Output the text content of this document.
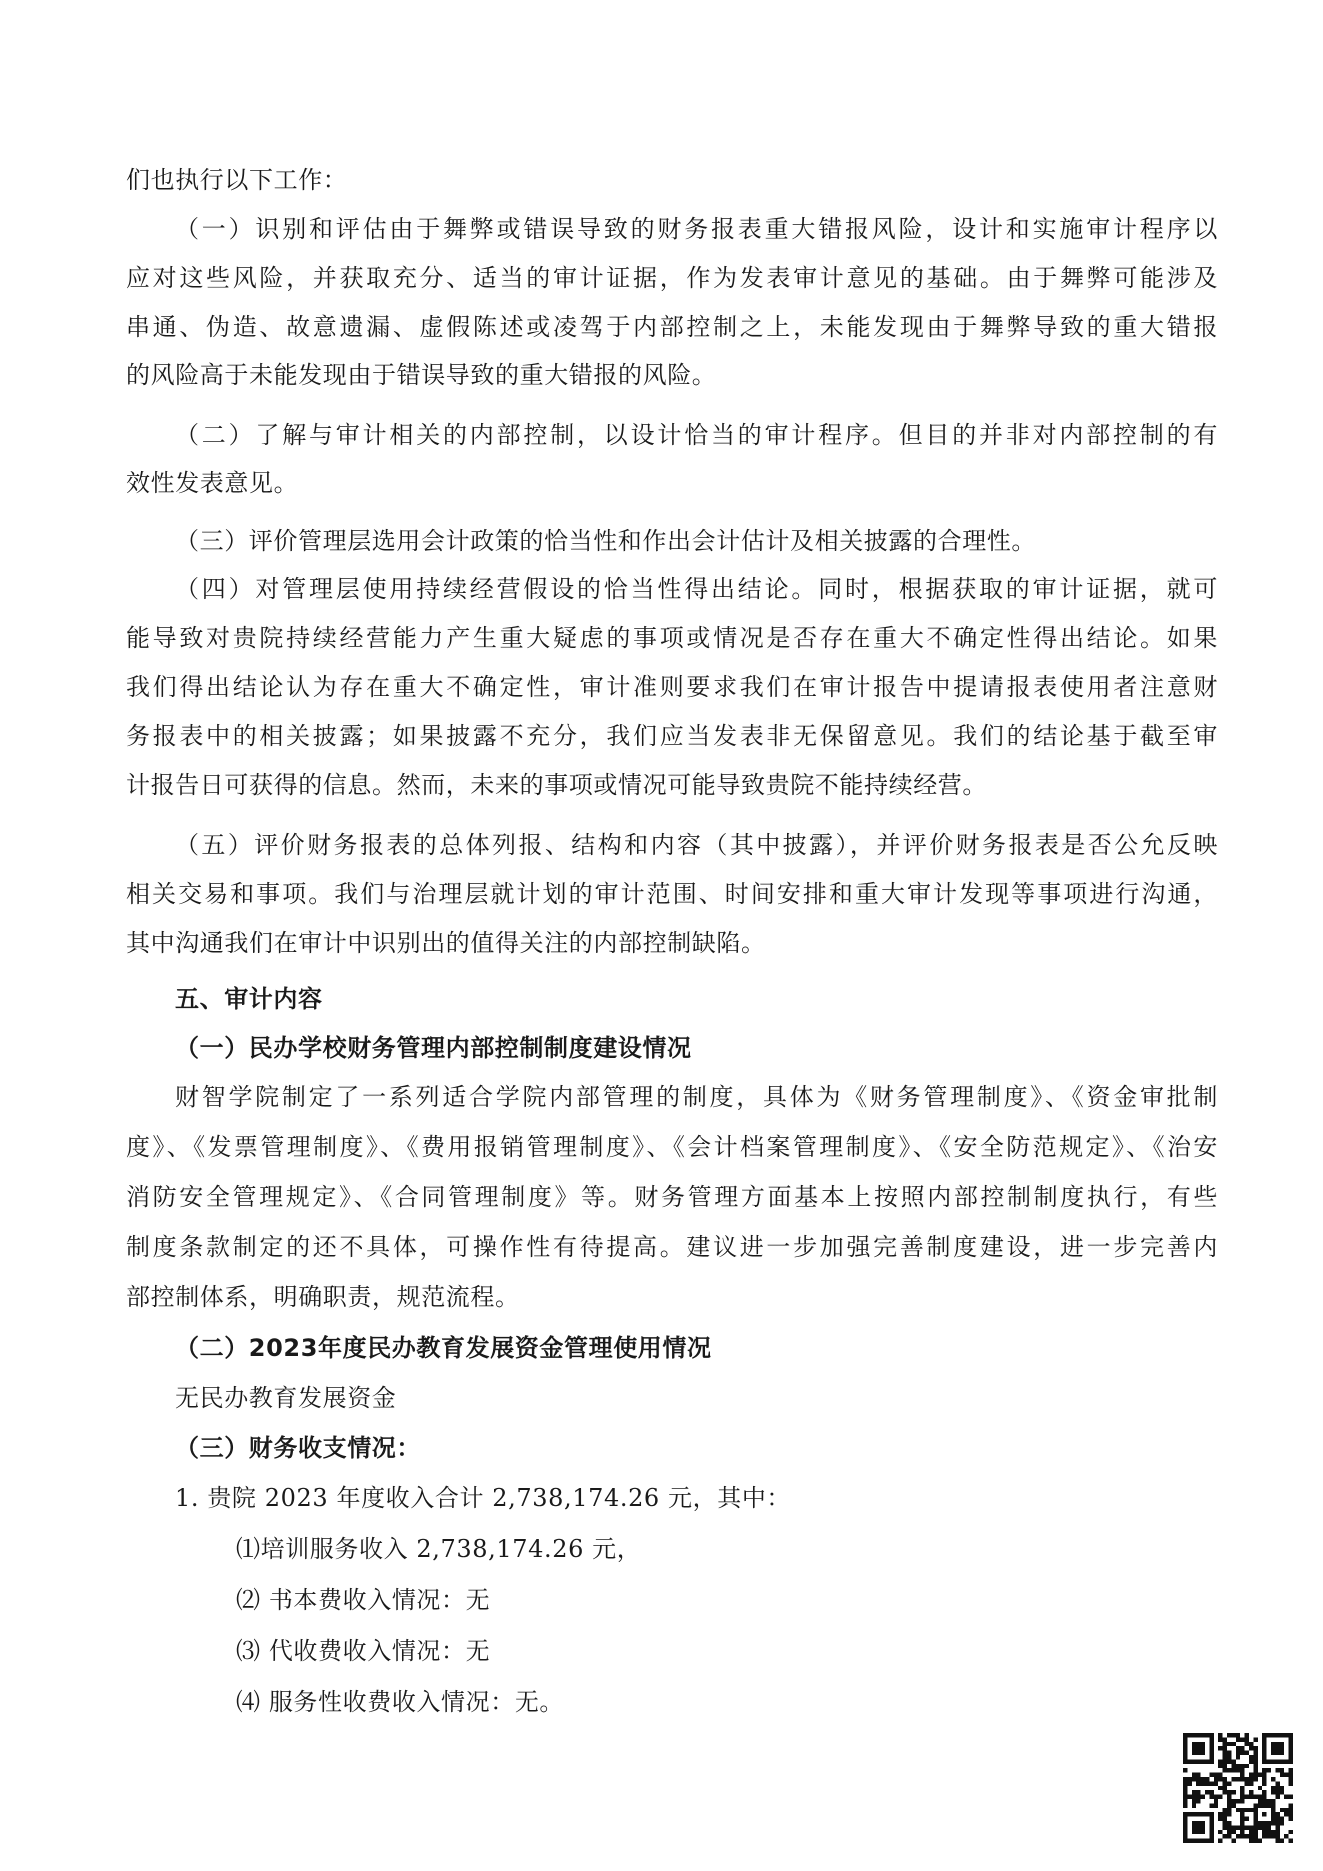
们也执行以下工作：
（一）识别和评估由于舞弊或错误导致的财务报表重大错报风险，设计和实施审计程序以
应对这些风险，并获取充分、适当的审计证据，作为发表审计意见的基础。由于舞弊可能涉及
串通、伪造、故意遗漏、虚假陈述或凌驾于内部控制之上，未能发现由于舞弊导致的重大错报
的风险高于未能发现由于错误导致的重大错报的风险。
（二）了解与审计相关的内部控制，以设计恰当的审计程序。但目的并非对内部控制的有
效性发表意见。
（三）评价管理层选用会计政策的恰当性和作出会计估计及相关披露的合理性。
（四）对管理层使用持续经营假设的恰当性得出结论。同时，根据获取的审计证据，就可
能导致对贵院持续经营能力产生重大疑虑的事项或情况是否存在重大不确定性得出结论。如果
我们得出结论认为存在重大不确定性，审计准则要求我们在审计报告中提请报表使用者注意财
务报表中的相关披露；如果披露不充分，我们应当发表非无保留意见。我们的结论基于截至审
计报告日可获得的信息。然而，未来的事项或情况可能导致贵院不能持续经营。
（五）评价财务报表的总体列报、结构和内容（其中披露），并评价财务报表是否公允反映
相关交易和事项。我们与治理层就计划的审计范围、时间安排和重大审计发现等事项进行沟通，
其中沟通我们在审计中识别出的值得关注的内部控制缺陷。
五、审计内容
（一）民办学校财务管理内部控制制度建设情况
财智学院制定了一系列适合学院内部管理的制度，具体为《财务管理制度》、《资金审批制
度》、《发票管理制度》、《费用报销管理制度》、《会计档案管理制度》、《安全防范规定》、《治安
消防安全管理规定》、《合同管理制度》等。财务管理方面基本上按照内部控制制度执行，有些
制度条款制定的还不具体，可操作性有待提高。建议进一步加强完善制度建设，进一步完善内
部控制体系，明确职责，规范流程。
（二）2023年度民办教育发展资金管理使用情况
无民办教育发展资金
（三）财务收支情况：
1. 贵院 2023 年度收入合计 2,738,174.26 元，其中：
⑴培训服务收入 2,738,174.26 元，
⑵ 书本费收入情况：无
⑶ 代收费收入情况：无
⑷ 服务性收费收入情况：无。
